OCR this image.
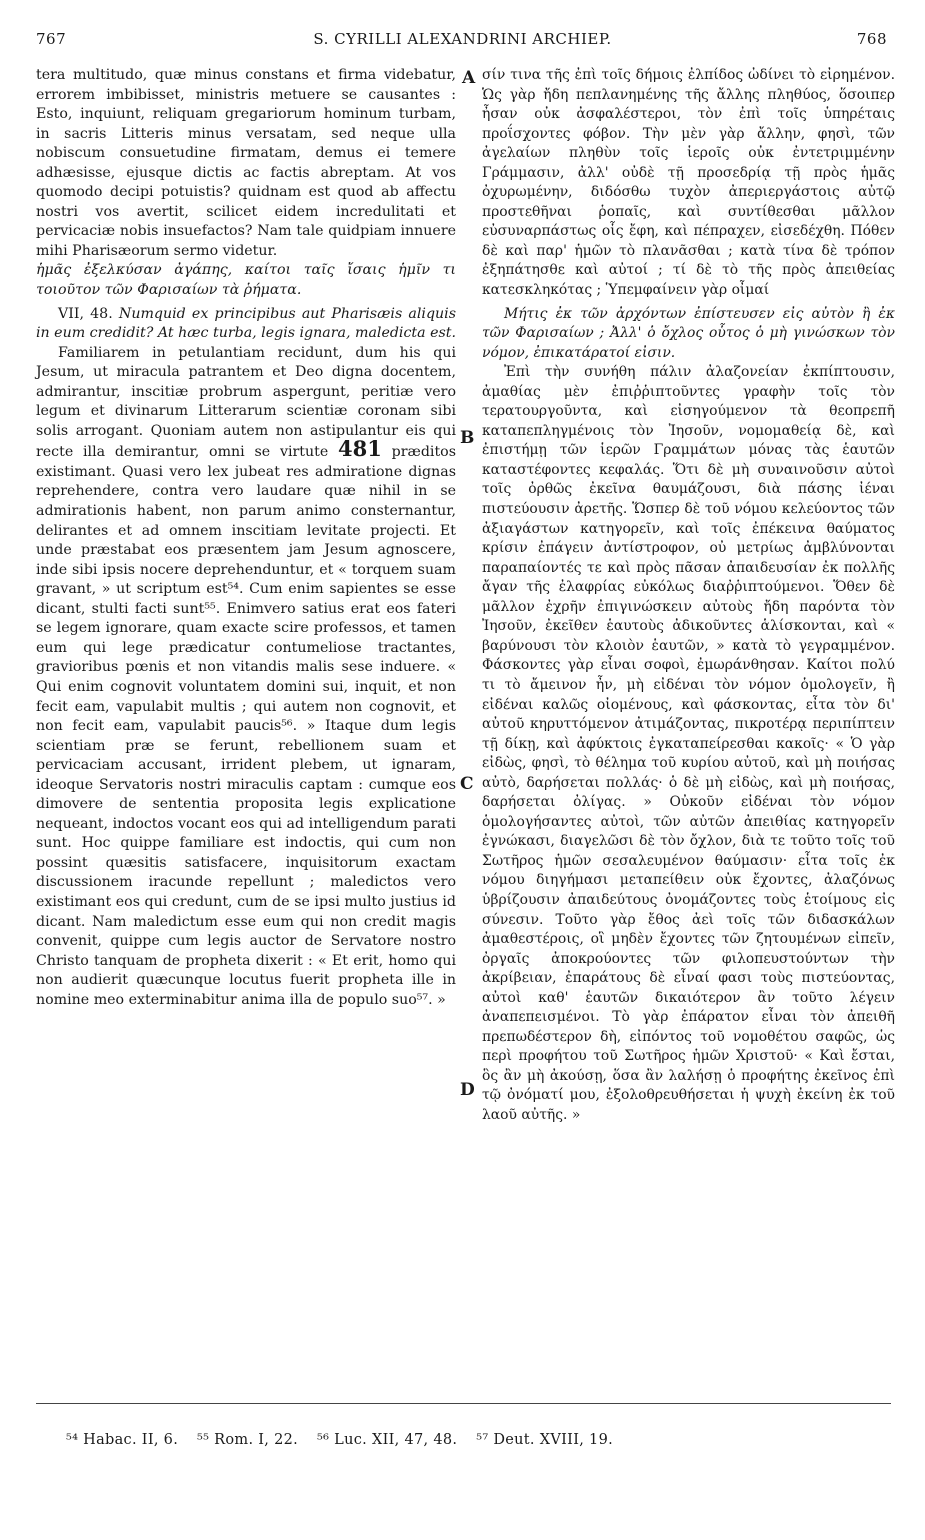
767	S. CYRILLI ALEXANDRINI ARCHIEP.	768

tera multitudo, quæ minus constans et firma videbatur, errorem imbibisset, ministris metuere se causantes : Esto, inquiunt, reliquam gregariorum hominum turbam, in sacris Litteris minus versatam, sed neque ulla nobiscum consuetudine firmatam, demus ei temere adhæsisse, ejusque dictis ac factis abreptam. At vos quomodo decipi potuistis? quidnam est quod ab affectu nostri vos avertit, scilicet eidem incredulitati et pervicaciæ nobis insuefactos? Nam tale quidpiam innuere mihi Pharisæorum sermo videtur.

ἡμᾶς ἐξελκύσαν ἀγάπης, καίτοι ταῖς ἴσαις ἡμῖν τι τοιοῦτον τῶν Φαρισαίων τὰ ῥήματα.

VII, 48. Numquid ex principibus aut Pharisæis aliquis in eum credidit? At hæc turba, legis ignara, maledicta est.

Familiarem in petulantiam recidunt, dum his qui Jesum, ut miracula patrantem et Deo digna docentem, admirantur, inscitiæ probrum aspergunt, peritiæ vero legum et divinarum Litterarum scientiæ coronam sibi solis arrogant. Quoniam autem non astipulantur eis qui recte illa demirantur, omni se virtute 481 præditos existimant. Quasi vero lex jubeat res admiratione dignas reprehendere, contra vero laudare quæ nihil in se admirationis habent, non parum animo consternantur, delirantes et ad omnem inscitiam levitate projecti. Et unde præstabat eos præsentem jam Jesum agnoscere, inde sibi ipsis nocere deprehenduntur, et « torquem suam gravant, » ut scriptum est⁵⁴. Cum enim sapientes se esse dicant, stulti facti sunt⁵⁵. Enimvero satius erat eos fateri se legem ignorare, quam exacte scire professos, et tamen eum qui lege prædicatur contumeliose tractantes, gravioribus pœnis et non vitandis malis sese induere. « Qui enim cognovit voluntatem domini sui, inquit, et non fecit eam, vapulabit multis ; qui autem non cognovit, et non fecit eam, vapulabit paucis⁵⁶. » Itaque dum legis scientiam præ se ferunt, rebellionem suam et pervicaciam accusant, irrident plebem, ut ignaram, ideoque Servatoris nostri miraculis captam : cumque eos dimovere de sententia proposita legis explicatione nequeant, indoctos vocant eos qui ad intelligendum parati sunt. Hoc quippe familiare est indoctis, qui cum non possint quæsitis satisfacere, inquisitorum exactam discussionem iracunde repellunt ; maledictos vero existimant eos qui credunt, cum de se ipsi multo justius id dicant. Nam maledictum esse eum qui non credit magis convenit, quippe cum legis auctor de Servatore nostro Christo tanquam de propheta dixerit : « Et erit, homo qui non audierit quæcunque locutus fuerit propheta ille in nomine meo exterminabitur anima illa de populo suo⁵⁷. »

A
B
C
D

σίν τινα τῆς ἐπὶ τοῖς δήμοις ἐλπίδος ὠδίνει τὸ εἰρημένον. Ὡς γὰρ ἤδη πεπλανημένης τῆς ἄλλης πληθύος, ὅσοιπερ ἦσαν οὐκ ἀσφαλέστεροι, τὸν ἐπὶ τοῖς ὑπηρέταις προΐσχοντες φόβον. Τὴν μὲν γὰρ ἄλλην, φησὶ, τῶν ἀγελαίων πληθὺν τοῖς ἱεροῖς οὐκ ἐντετριμμένην Γράμμασιν, ἀλλ' οὐδὲ τῇ προσεδρίᾳ τῇ πρὸς ἡμᾶς ὀχυρωμένην, διδόσθω τυχὸν ἀπεριεργάστοις αὐτῷ προστεθῆναι ῥοπαῖς, καὶ συντίθεσθαι μᾶλλον εὐσυναρπάστως οἷς ἔφη, καὶ πέπραχεν, εἰσεδέχθη. Πόθεν δὲ καὶ παρ' ἡμῶν τὸ πλανᾶσθαι ; κατὰ τίνα δὲ τρόπον ἐξηπάτησθε καὶ αὐτοί ; τί δὲ τὸ τῆς πρὸς ἀπειθείας κατεσκληκότας ; Ὑπεμφαίνειν γὰρ οἶμαί

Μήτις ἐκ τῶν ἀρχόντων ἐπίστευσεν εἰς αὐτὸν ἢ ἐκ τῶν Φαρισαίων ; Ἀλλ' ὁ ὄχλος οὗτος ὁ μὴ γινώσκων τὸν νόμον, ἐπικατάρατοί εἰσιν.

Ἐπὶ τὴν συνήθη πάλιν ἀλαζονείαν ἐκπίπτουσιν, ἀμαθίας μὲν ἐπιῤῥιπτοῦντες γραφὴν τοῖς τὸν τερατουργοῦντα, καὶ εἰσηγούμενον τὰ θεοπρεπῆ καταπεπληγμένοις τὸν Ἰησοῦν, νομομαθείᾳ δὲ, καὶ ἐπιστήμῃ τῶν ἱερῶν Γραμμάτων μόνας τὰς ἑαυτῶν καταστέφοντες κεφαλάς. Ὅτι δὲ μὴ συναινοῦσιν αὐτοὶ τοῖς ὀρθῶς ἐκεῖνα θαυμάζουσι, διὰ πάσης ἰέναι πιστεύουσιν ἀρετῆς. Ὥσπερ δὲ τοῦ νόμου κελεύοντος τῶν ἀξιαγάστων κατηγορεῖν, καὶ τοῖς ἐπέκεινα θαύματος κρίσιν ἐπάγειν ἀντίστροφον, οὐ μετρίως ἀμβλύνονται παραπαίοντές τε καὶ πρὸς πᾶσαν ἀπαιδευσίαν ἐκ πολλῆς ἄγαν τῆς ἐλαφρίας εὐκόλως διαῤῥιπτούμενοι. Ὅθεν δὲ μᾶλλον ἐχρῆν ἐπιγινώσκειν αὐτοὺς ἤδη παρόντα τὸν Ἰησοῦν, ἐκεῖθεν ἑαυτοὺς ἀδικοῦντες ἁλίσκονται, καὶ « βαρύνουσι τὸν κλοιὸν ἑαυτῶν, » κατὰ τὸ γεγραμμένον. Φάσκοντες γὰρ εἶναι σοφοὶ, ἐμωράνθησαν. Καίτοι πολύ τι τὸ ἄμεινον ἦν, μὴ εἰδέναι τὸν νόμον ὁμολογεῖν, ἢ εἰδέναι καλῶς οἰομένους, καὶ φάσκοντας, εἶτα τὸν δι' αὐτοῦ κηρυττόμενον ἀτιμάζοντας, πικροτέρᾳ περιπίπτειν τῇ δίκῃ, καὶ ἀφύκτοις ἐγκαταπείρεσθαι κακοῖς· « Ὁ γὰρ εἰδὼς, φησὶ, τὸ θέλημα τοῦ κυρίου αὐτοῦ, καὶ μὴ ποιήσας αὐτὸ, δαρήσεται πολλάς· ὁ δὲ μὴ εἰδὼς, καὶ μὴ ποιήσας, δαρήσεται ὀλίγας. » Οὐκοῦν εἰδέναι τὸν νόμον ὁμολογήσαντες αὐτοὶ, τῶν αὐτῶν ἀπειθίας κατηγορεῖν ἐγνώκασι, διαγελῶσι δὲ τὸν ὄχλον, διὰ τε τοῦτο τοῖς τοῦ Σωτῆρος ἡμῶν σεσαλευμένον θαύμασιν· εἶτα τοῖς ἐκ νόμου διηγήμασι μεταπείθειν οὐκ ἔχοντες, ἀλαζόνως ὑβρίζουσιν ἀπαιδεύτους ὀνομάζοντες τοὺς ἑτοίμους εἰς σύνεσιν. Τοῦτο γὰρ ἔθος ἀεὶ τοῖς τῶν διδασκάλων ἀμαθεστέροις, οἳ μηδὲν ἔχοντες τῶν ζητουμένων εἰπεῖν, ὀργαῖς ἀποκρούοντες τῶν φιλοπευστούντων τὴν ἀκρίβειαν, ἐπαράτους δὲ εἶναί φασι τοὺς πιστεύοντας, αὐτοὶ καθ' ἑαυτῶν δικαιότερον ἂν τοῦτο λέγειν ἀναπεπεισμένοι. Τὸ γὰρ ἐπάρατον εἶναι τὸν ἀπειθῆ πρεπωδέστερον δὴ, εἰπόντος τοῦ νομοθέτου σαφῶς, ὡς περὶ προφήτου τοῦ Σωτῆρος ἡμῶν Χριστοῦ· « Καὶ ἔσται, ὃς ἂν μὴ ἀκούσῃ, ὅσα ἂν λαλήσῃ ὁ προφήτης ἐκεῖνος ἐπὶ τῷ ὀνόματί μου, ἐξολοθρευθήσεται ἡ ψυχὴ ἐκείνη ἐκ τοῦ λαοῦ αὐτῆς. »

⁵⁴ Habac. II, 6. ⁵⁵ Rom. I, 22. ⁵⁶ Luc. XII, 47, 48. ⁵⁷ Deut. XVIII, 19.
